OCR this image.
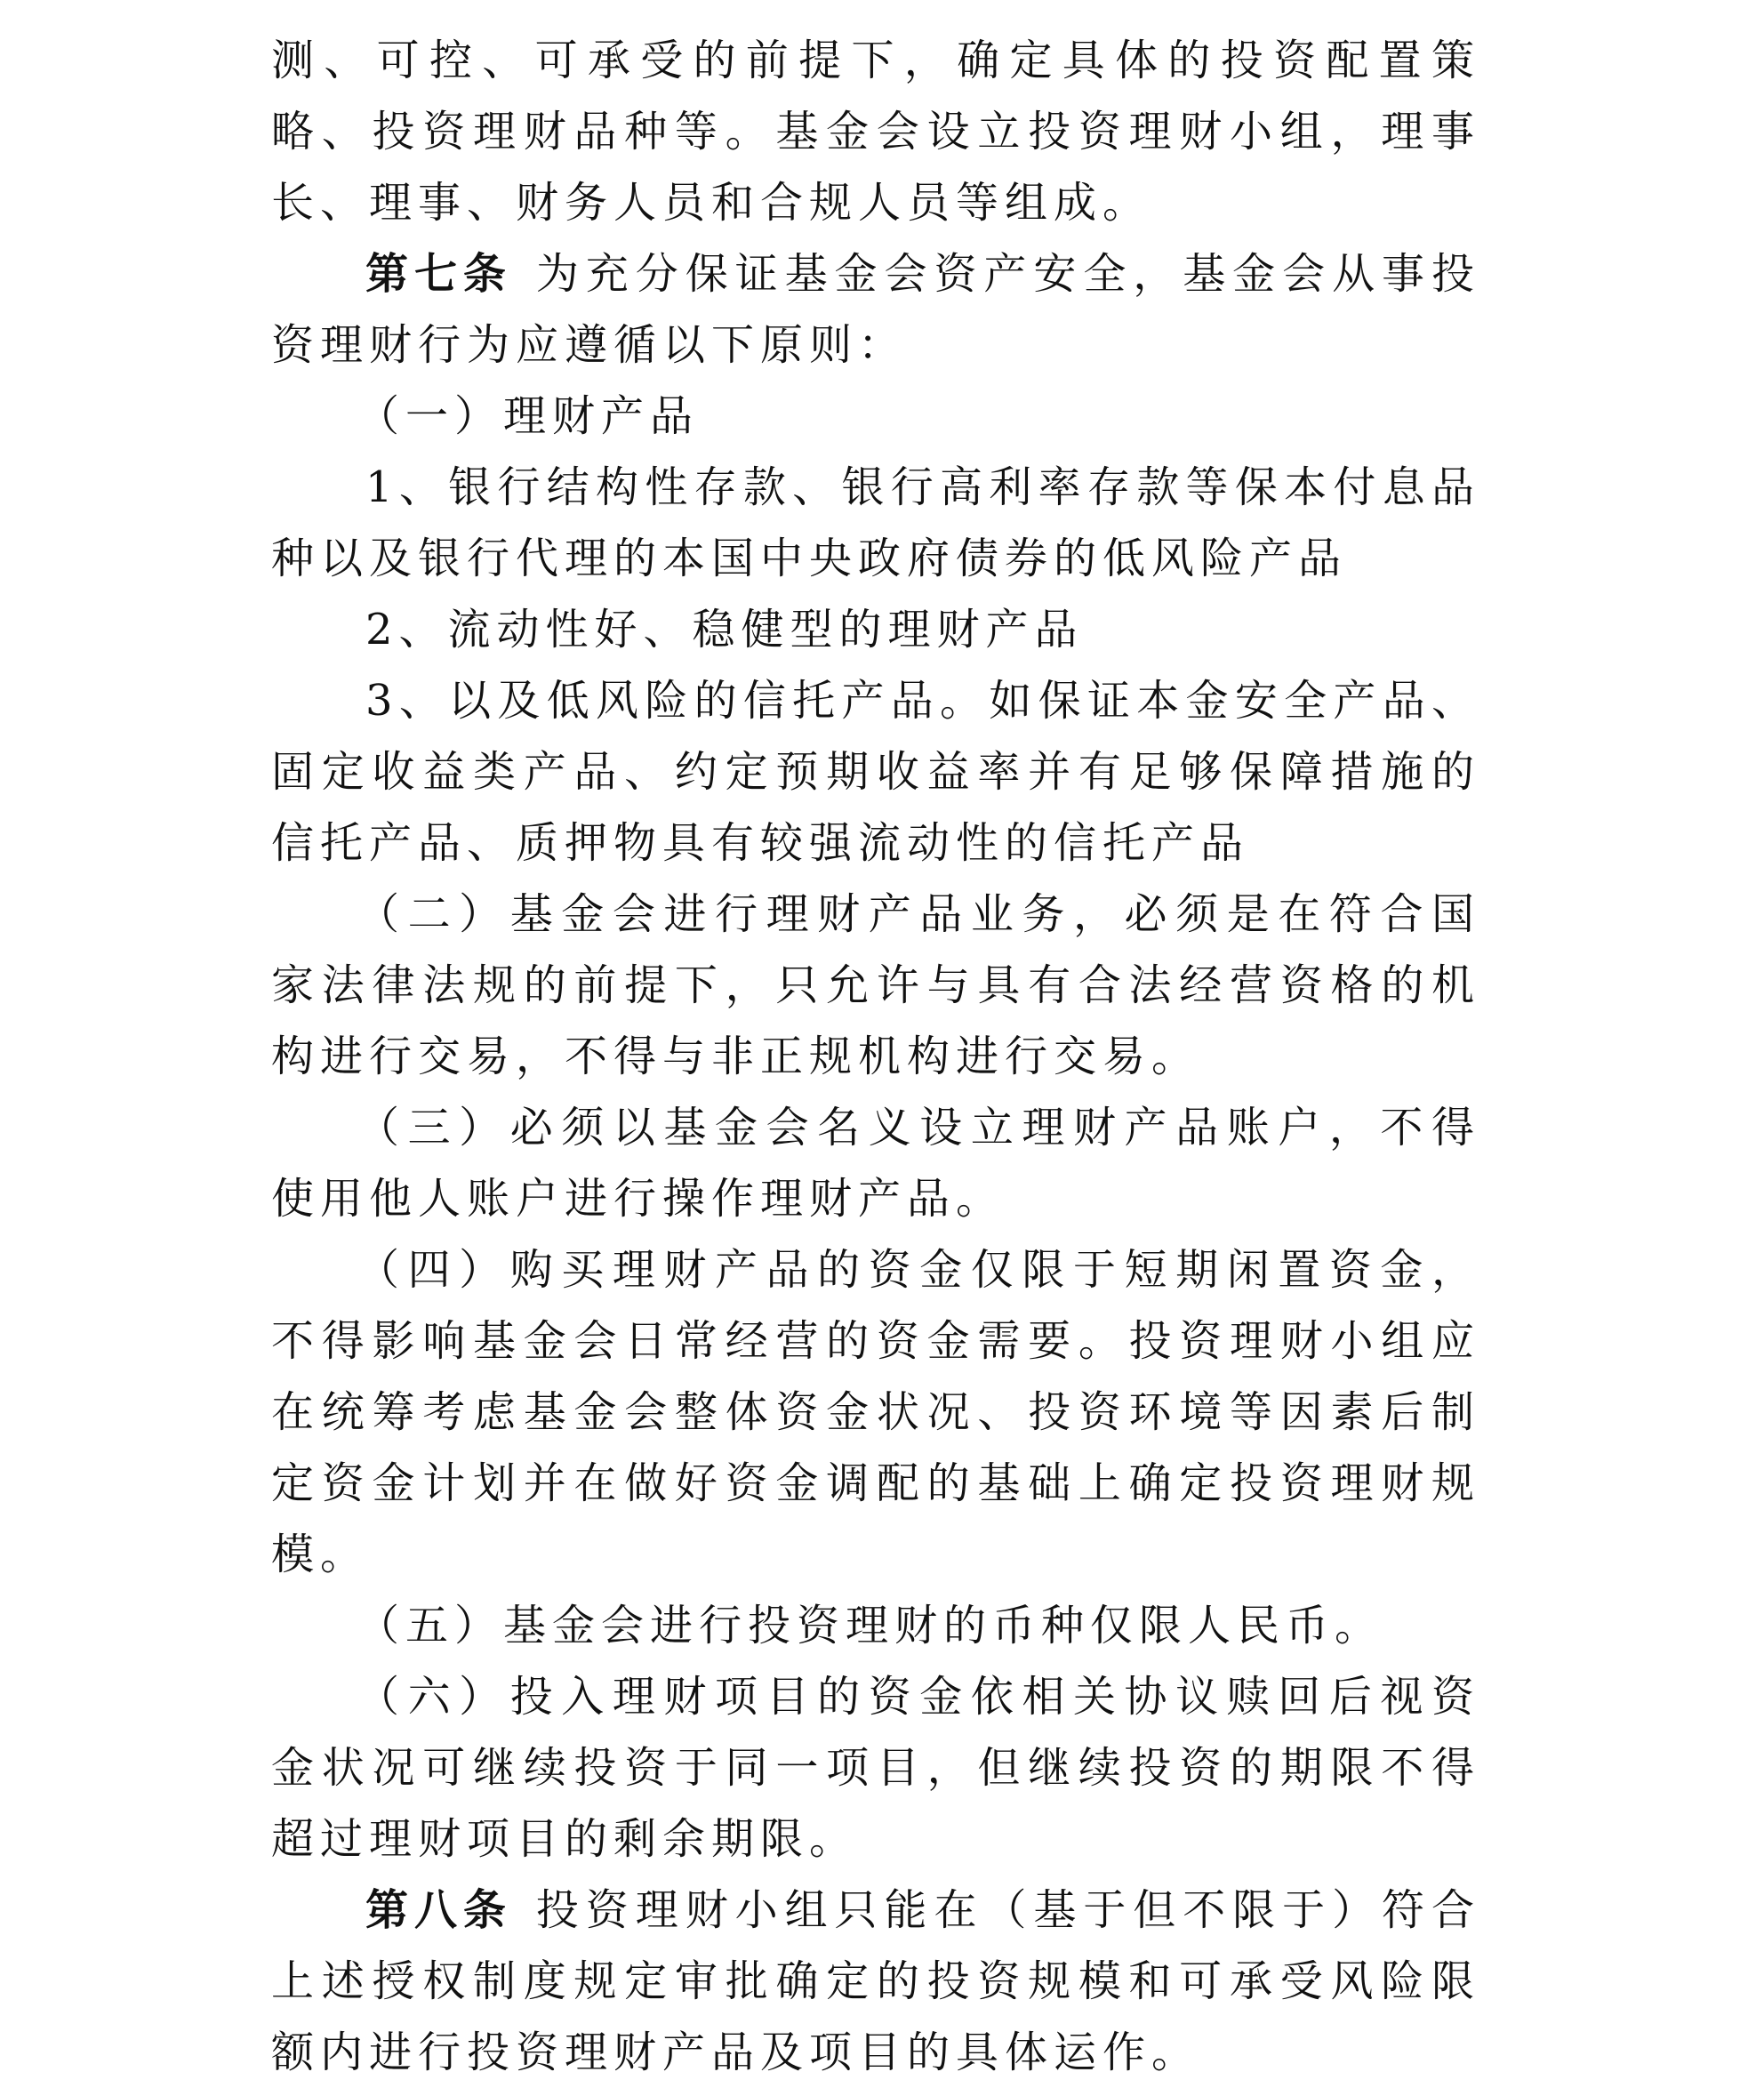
测、可控、可承受的前提下，确定具体的投资配置策略、投资理财品种等。基金会设立投资理财小组，理事长、理事、财务人员和合规人员等组成。

第七条 为充分保证基金会资产安全，基金会从事投资理财行为应遵循以下原则：

（一）理财产品

1、银行结构性存款、银行高利率存款等保本付息品种以及银行代理的本国中央政府债券的低风险产品

2、流动性好、稳健型的理财产品

3、以及低风险的信托产品。如保证本金安全产品、固定收益类产品、约定预期收益率并有足够保障措施的信托产品、质押物具有较强流动性的信托产品

（二）基金会进行理财产品业务，必须是在符合国家法律法规的前提下，只允许与具有合法经营资格的机构进行交易，不得与非正规机构进行交易。

（三）必须以基金会名义设立理财产品账户，不得使用他人账户进行操作理财产品。

（四）购买理财产品的资金仅限于短期闲置资金，不得影响基金会日常经营的资金需要。投资理财小组应在统筹考虑基金会整体资金状况、投资环境等因素后制定资金计划并在做好资金调配的基础上确定投资理财规模。

（五）基金会进行投资理财的币种仅限人民币。

（六）投入理财项目的资金依相关协议赎回后视资金状况可继续投资于同一项目，但继续投资的期限不得超过理财项目的剩余期限。

第八条 投资理财小组只能在（基于但不限于）符合上述授权制度规定审批确定的投资规模和可承受风险限额内进行投资理财产品及项目的具体运作。
